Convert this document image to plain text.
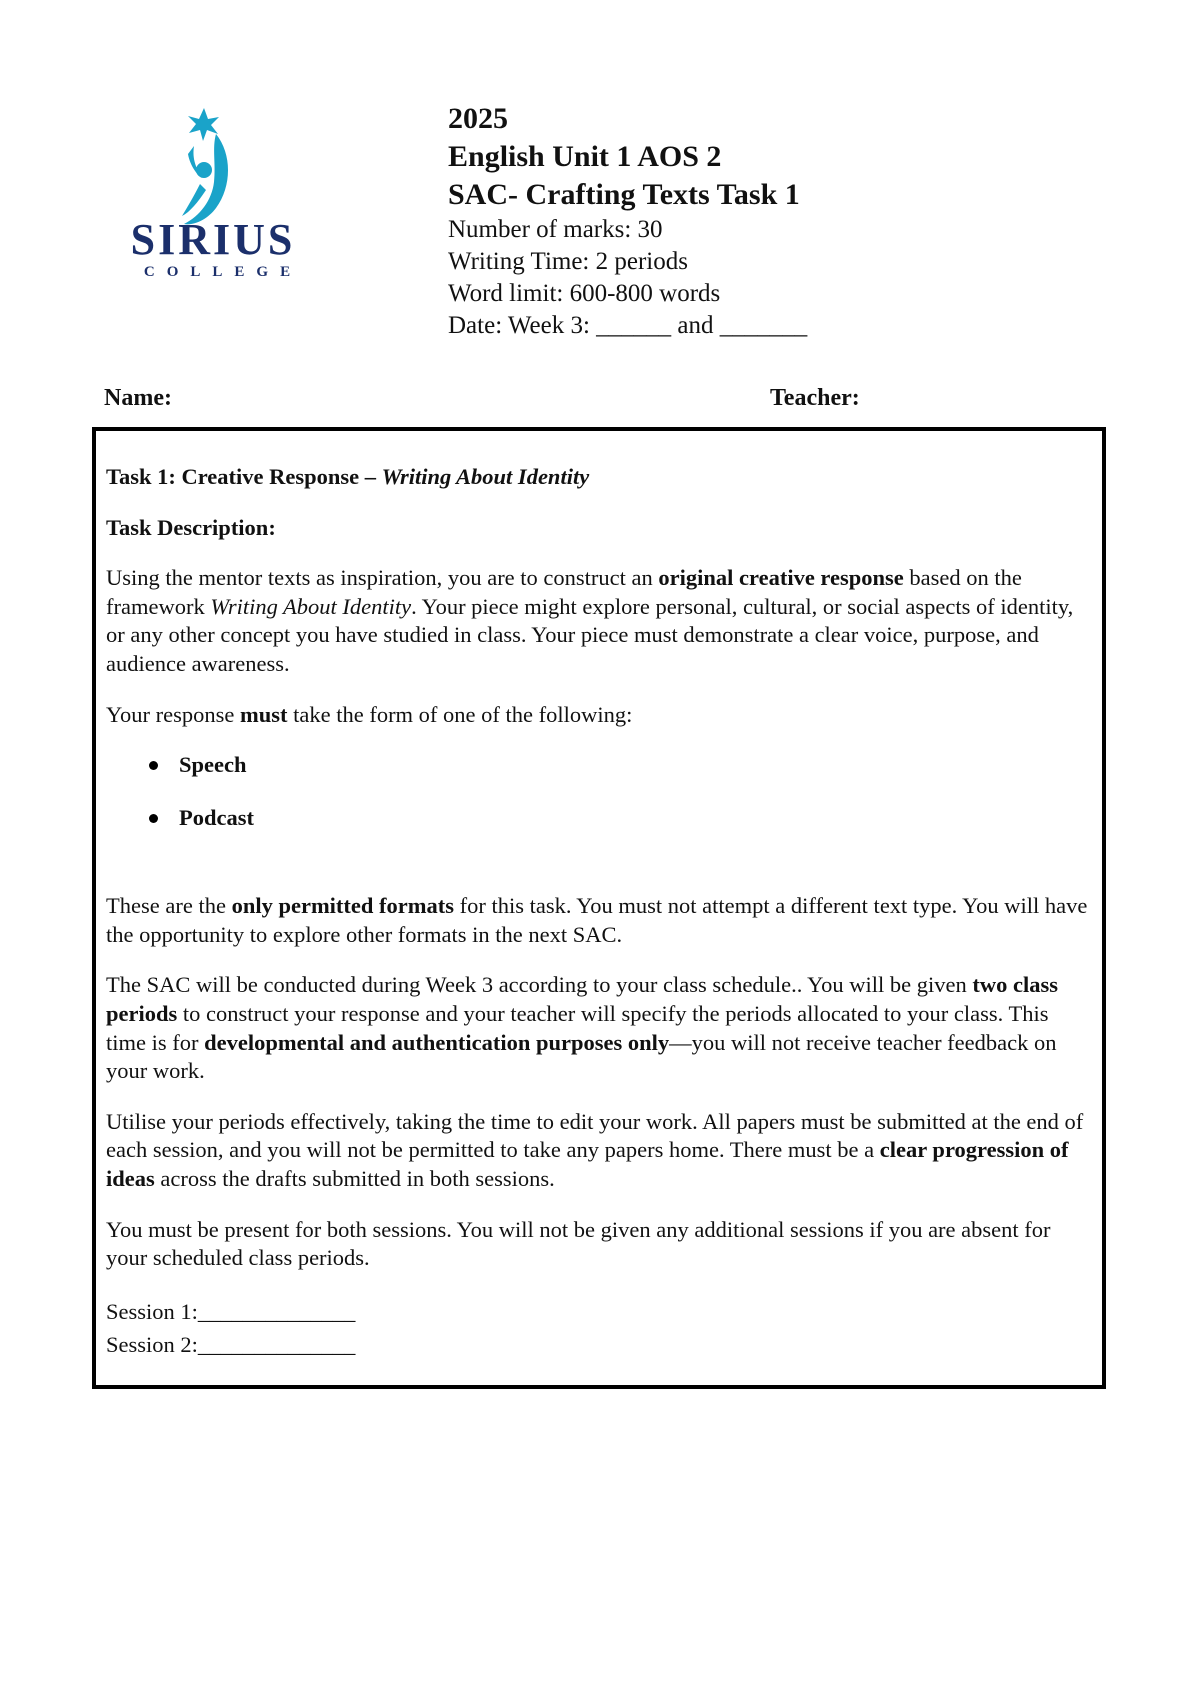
SIRIUS
COLLEGE
2025
English Unit 1 AOS 2
SAC- Crafting Texts Task 1
Number of marks: 30
Writing Time: 2 periods
Word limit: 600-800 words
Date: Week 3: ______ and _______
Name:	Teacher:

Task 1: Creative Response – Writing About Identity

Task Description:

Using the mentor texts as inspiration, you are to construct an original creative response based on the framework Writing About Identity. Your piece might explore personal, cultural, or social aspects of identity, or any other concept you have studied in class. Your piece must demonstrate a clear voice, purpose, and audience awareness.

Your response must take the form of one of the following:

Speech
Podcast

These are the only permitted formats for this task. You must not attempt a different text type. You will have the opportunity to explore other formats in the next SAC.

The SAC will be conducted during Week 3 according to your class schedule.. You will be given two class periods to construct your response and your teacher will specify the periods allocated to your class. This time is for developmental and authentication purposes only—you will not receive teacher feedback on your work.

Utilise your periods effectively, taking the time to edit your work. All papers must be submitted at the end of each session, and you will not be permitted to take any papers home. There must be a clear progression of ideas across the drafts submitted in both sessions.

You must be present for both sessions. You will not be given any additional sessions if you are absent for your scheduled class periods.

Session 1:______________
Session 2:______________
